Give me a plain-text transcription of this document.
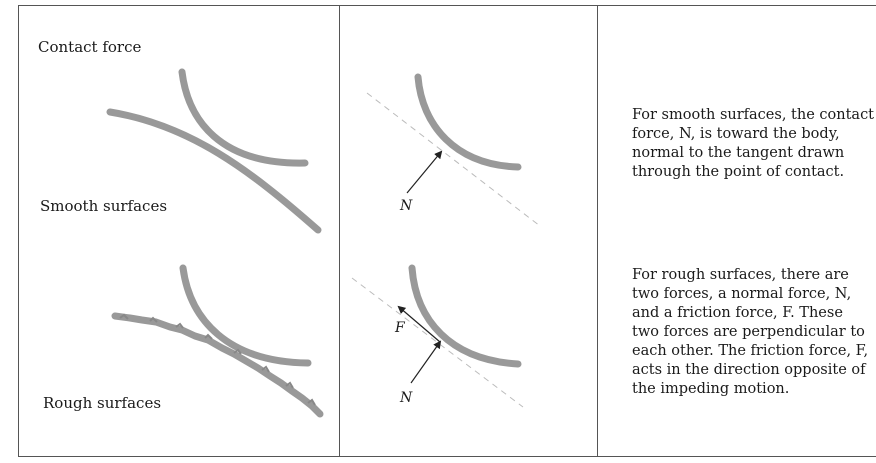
Contact force
Smooth surfaces
Rough surfaces
For smooth surfaces, the contact
force, N, is toward the body,
normal to the tangent drawn
through the point of contact.
For rough surfaces, there are
two forces, a normal force, N,
and a friction force, F. These
two forces are perpendicular to
each other. The friction force, F,
acts in the direction opposite of
the impeding motion.
N
F
N
